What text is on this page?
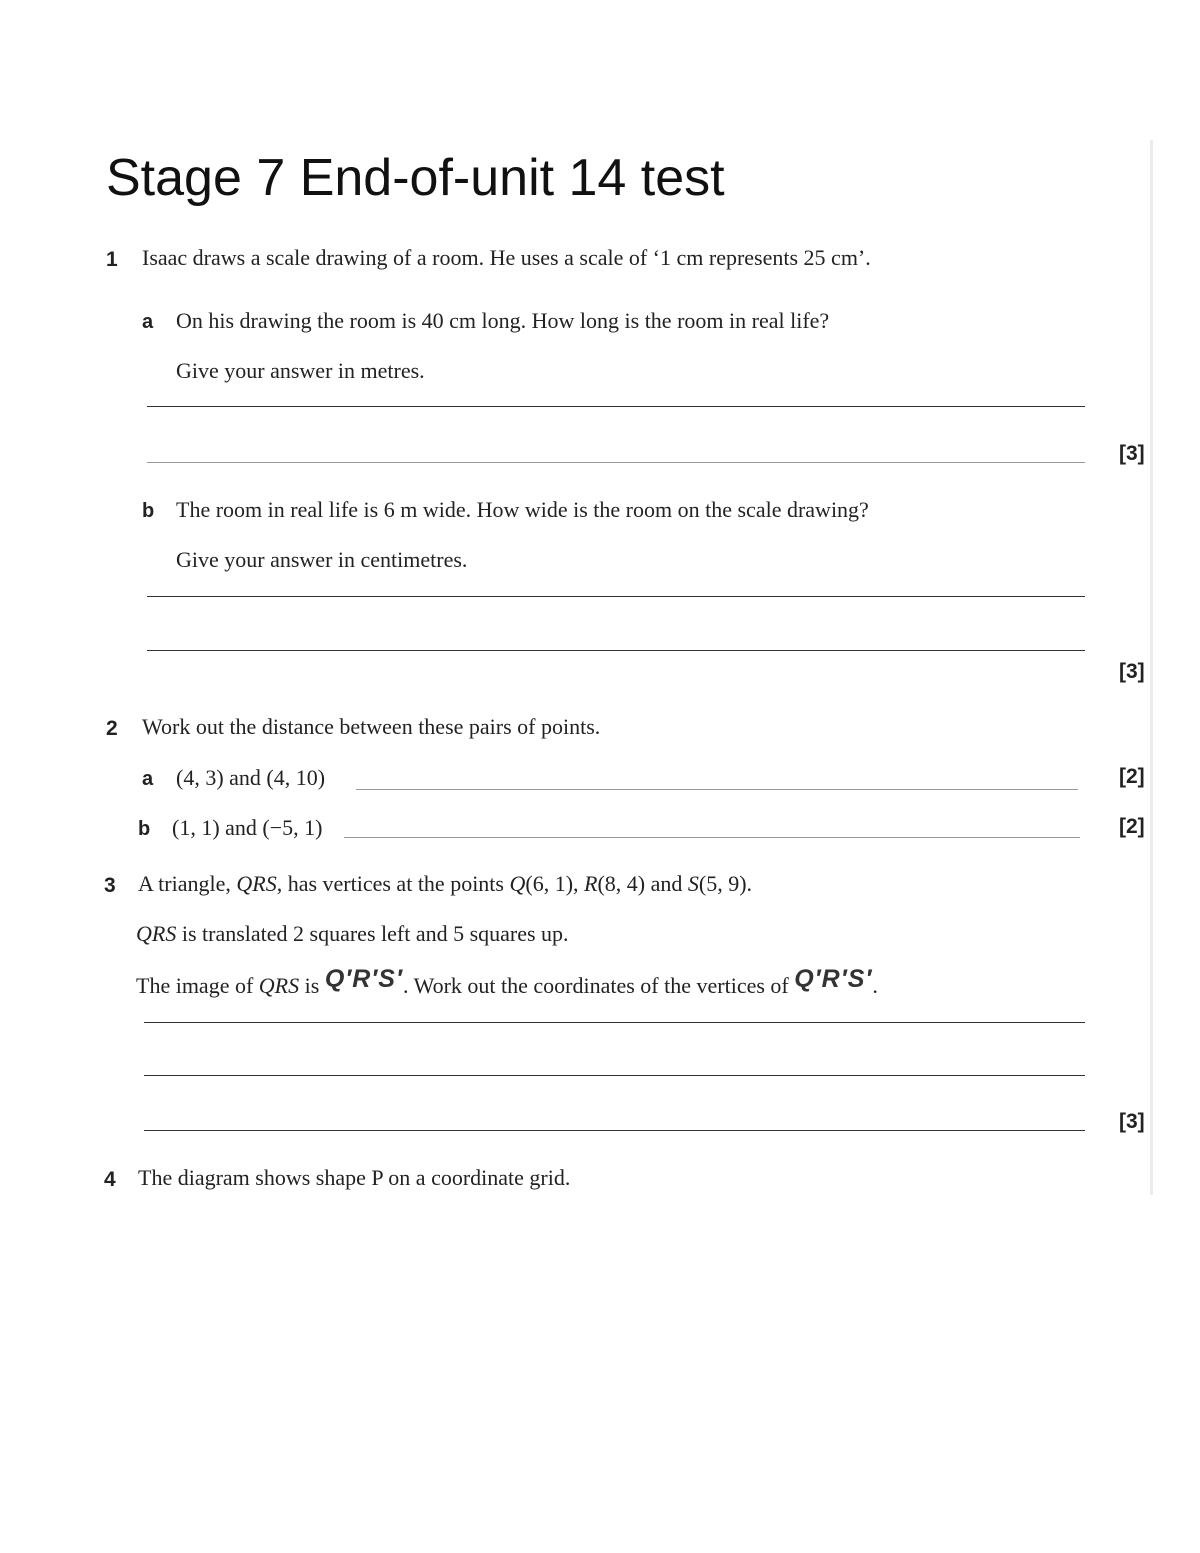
Stage 7 End-of-unit 14 test
1 Isaac draws a scale drawing of a room. He uses a scale of ‘1 cm represents 25 cm’.
a On his drawing the room is 40 cm long. How long is the room in real life?
Give your answer in metres.
[3]
b The room in real life is 6 m wide. How wide is the room on the scale drawing?
Give your answer in centimetres.
[3]
2 Work out the distance between these pairs of points.
a (4, 3) and (4, 10)	[2]
b (1, 1) and (−5, 1)	[2]
3 A triangle, QRS, has vertices at the points Q(6, 1), R(8, 4) and S(5, 9).
QRS is translated 2 squares left and 5 squares up.
The image of QRS is Q′R′S′. Work out the coordinates of the vertices of Q′R′S′.
[3]
4 The diagram shows shape P on a coordinate grid.
